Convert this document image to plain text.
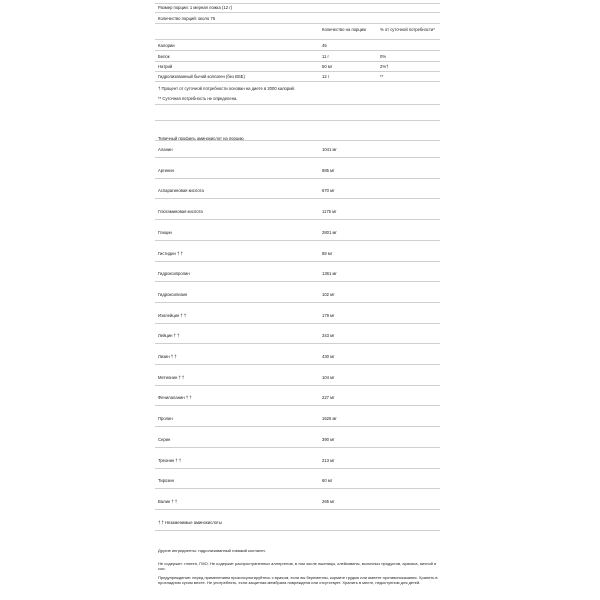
Размер порции: 1 мерная ложка (12 г)
Количество порций: около 75
Количество на порцию	% от суточной потребности*
Калории	45
Белок	11 г	0%
Натрий	50 мг	2%†
Гидролизованный бычий коллаген (без BSE)	12 г	**
† Процент от суточной потребности основан на диете в 2000 калорий.
** Суточная потребность не определена.
Типичный профиль аминокислот на порцию
Аланин	1041 мг
Аргинин	885 мг
Аспарагиновая кислота	670 мг
Глютаминовая кислота	1175 мг
Глицин	2801 мг
Гистидин † †	88 мг
Гидроксипролин	1361 мг
Гидроксилизин	102 мг
Изолейцин † †	179 мг
Лейцин † †	343 мг
Лизин † †	430 мг
Метионин † †	104 мг
Фенилаланин † †	227 мг
Пролин	1625 мг
Серин	390 мг
Треонин † †	213 мг
Тирозин	60 мг
Валин † †	265 мг
† † Незаменимые аминокислоты
Другие ингредиенты: гидролизованный говяжий коллаген.
Не содержит: глютен, ГМО. Не содержит распространенных аллергенов, в том числе пшеницы, клейковины, молочных продуктов, арахиса, яичной и сои.
Предупреждение: перед применением проконсультируйтесь с врачом, если вы беременны, кормите грудью или имеете противопоказания. Хранить в прохладном сухом месте. Не употреблять, если защитная мембрана повреждена или отсутствует. Хранить в месте, недоступном для детей.
